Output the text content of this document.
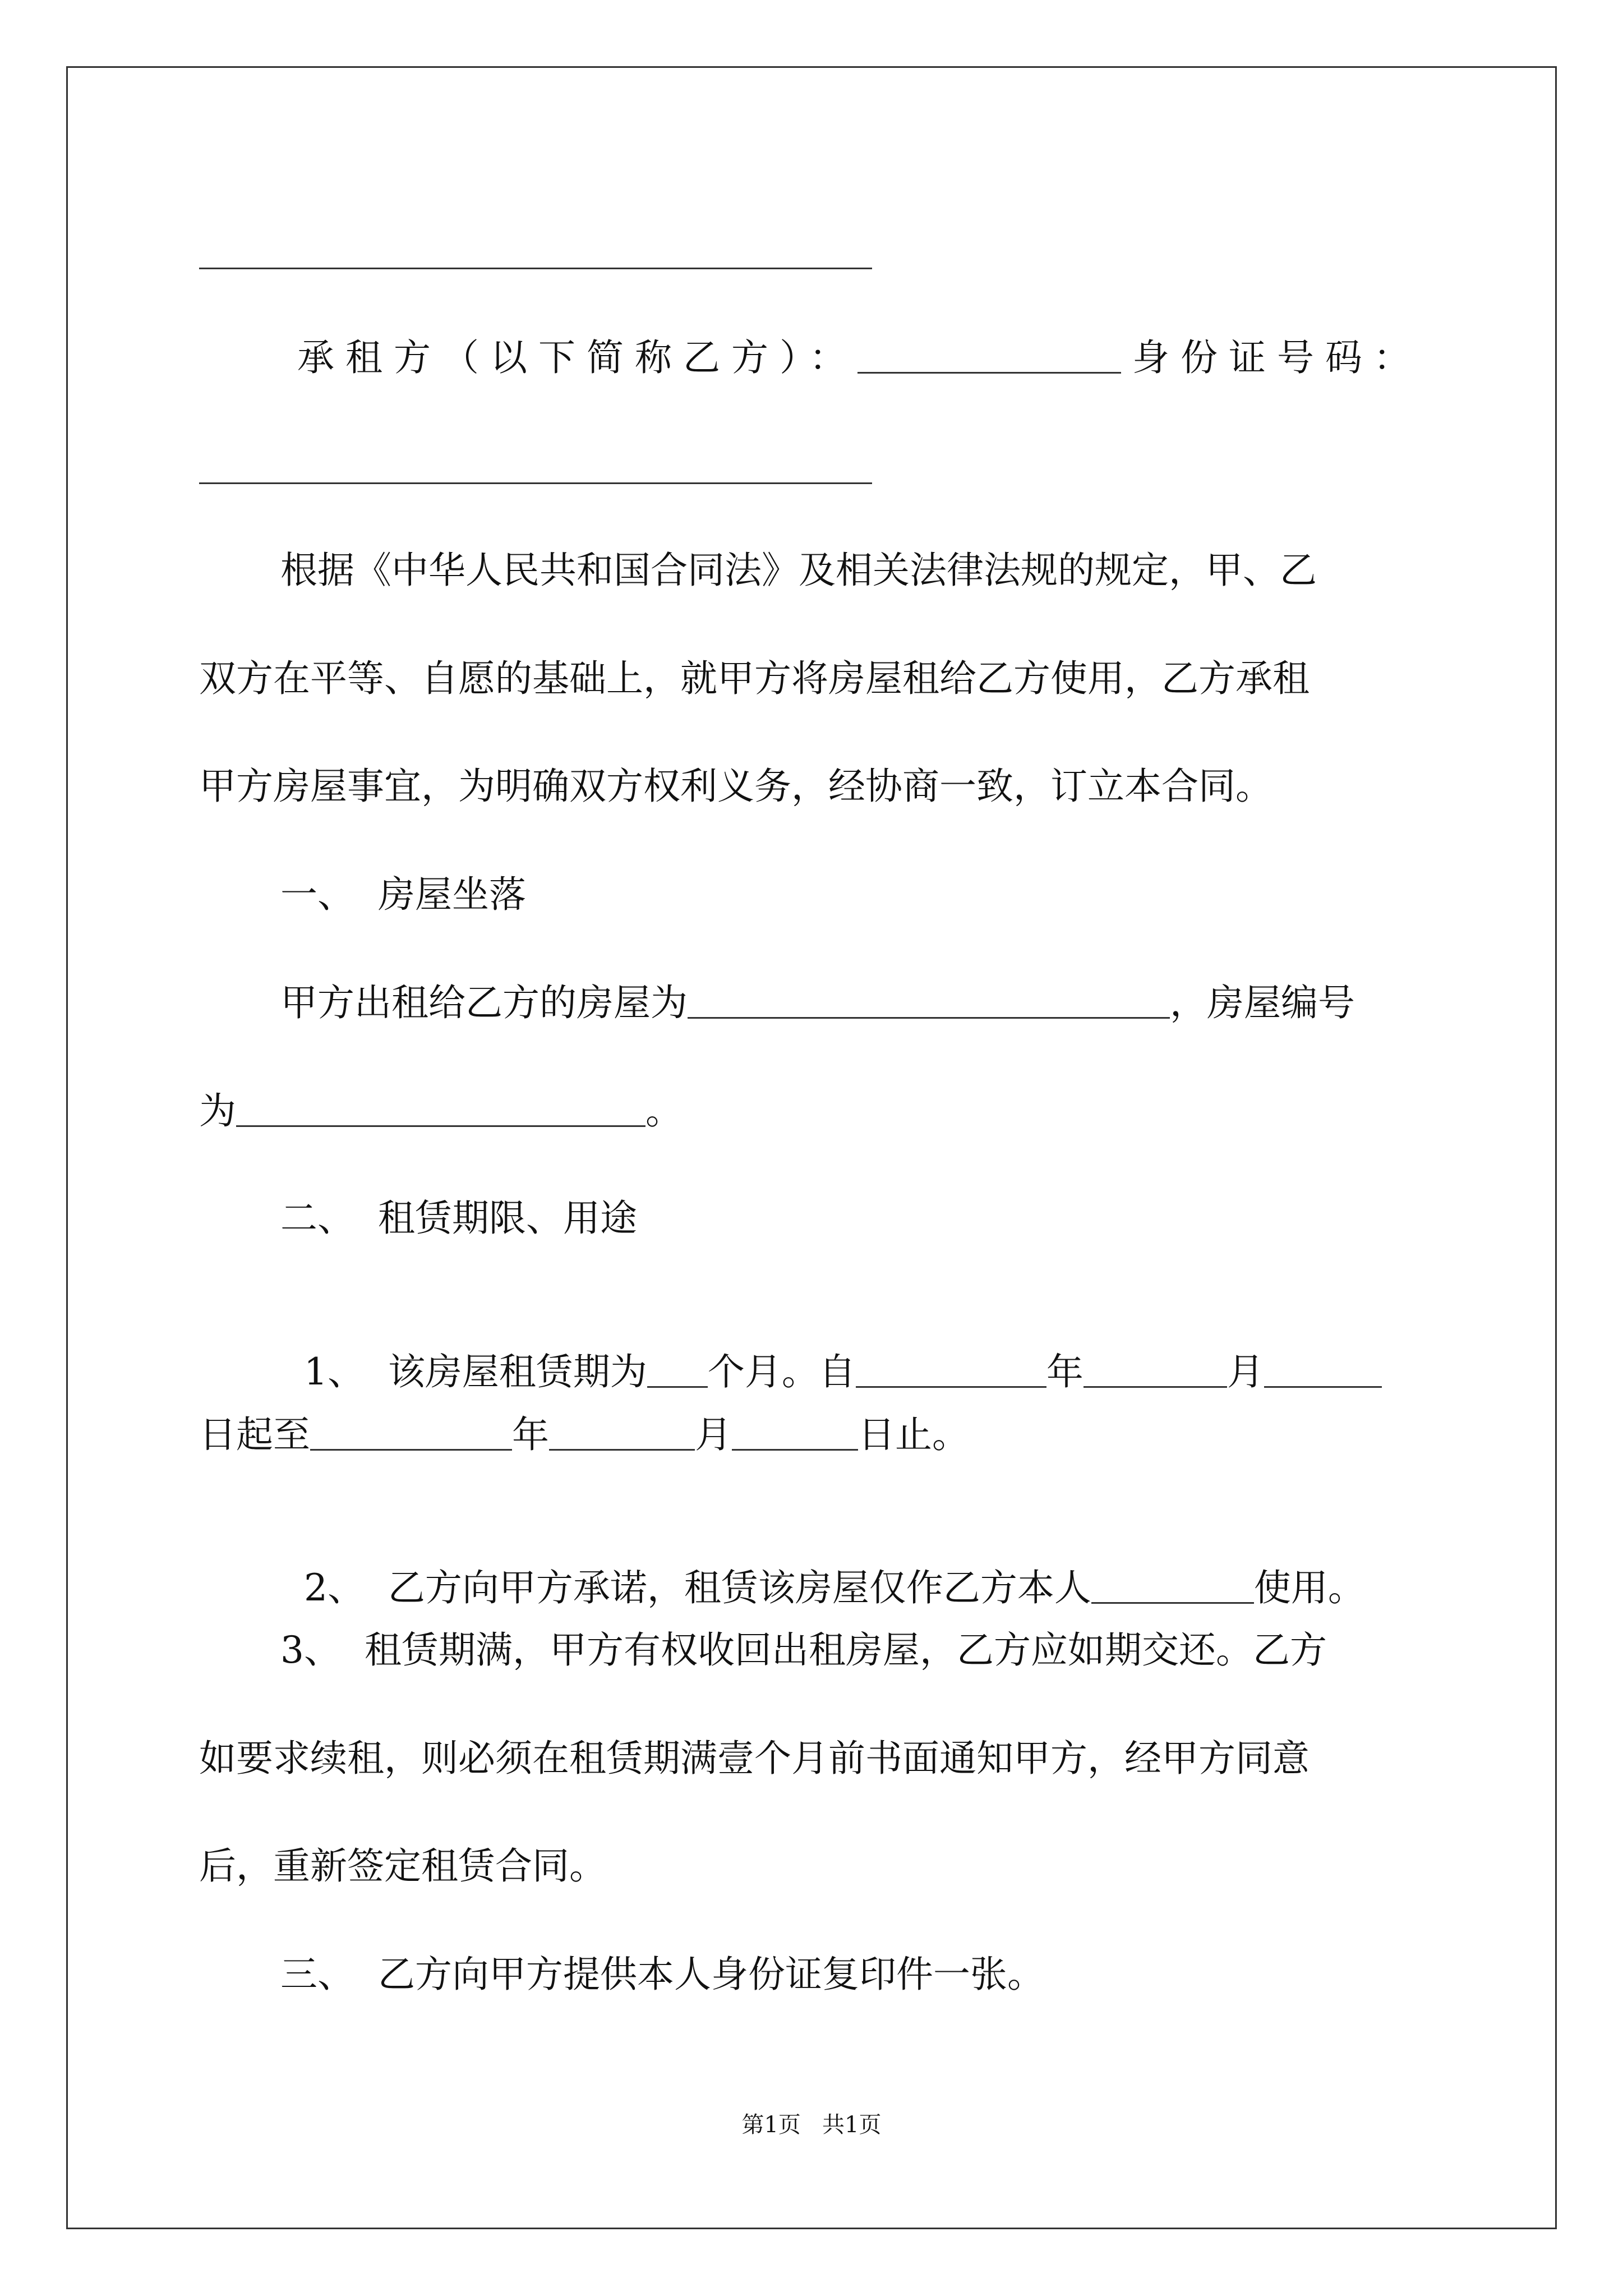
承租方（以下简称乙方）：	身份证号码：
根据《中华人民共和国合同法》及相关法律法规的规定，甲、乙
双方在平等、自愿的基础上，就甲方将房屋租给乙方使用，乙方承租
甲方房屋事宜，为明确双方权利义务，经协商一致，订立本合同。
一、  房屋坐落
甲方出租给乙方的房屋为	，房屋编号
为	。
二、  租赁期限、用途

1、  该房屋租赁期为 个月。自	年	月

日起至	年	月	日止。

2、  乙方向甲方承诺，租赁该房屋仅作乙方本人	使用。

3、  租赁期满，甲方有权收回出租房屋，乙方应如期交还。乙方
如要求续租，则必须在租赁期满壹个月前书面通知甲方，经甲方同意
后，重新签定租赁合同。
三、  乙方向甲方提供本人身份证复印件一张。
第1页   共1页
